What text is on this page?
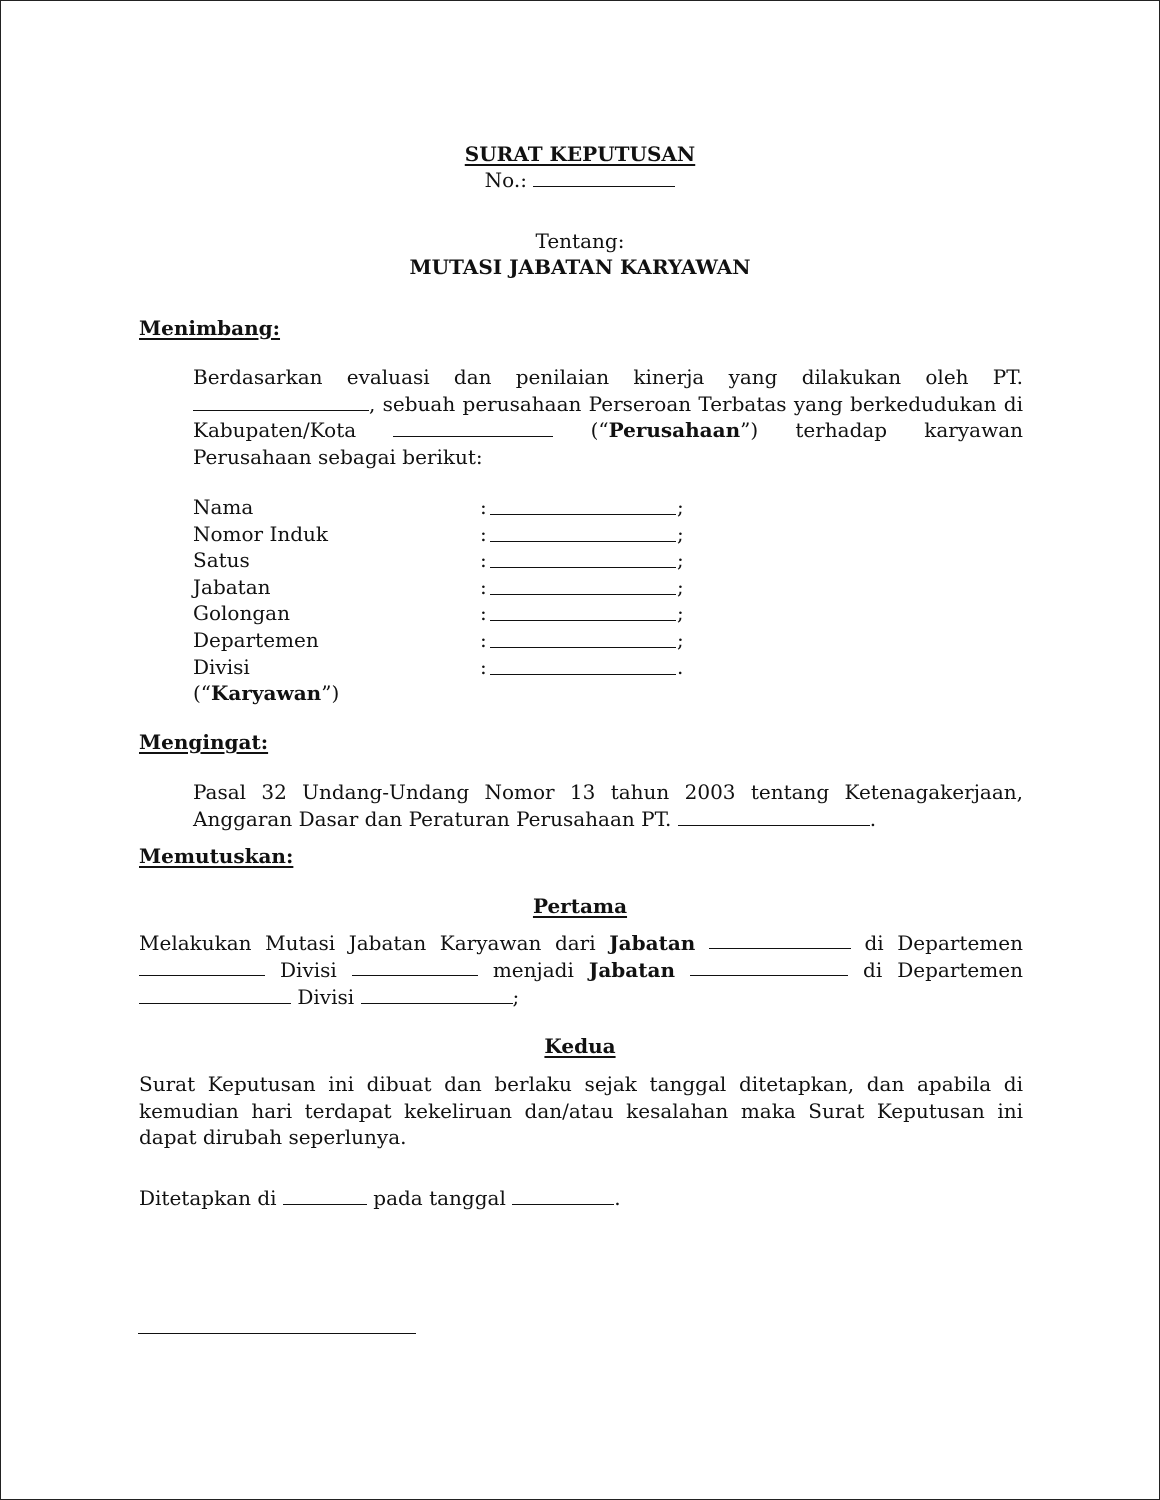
SURAT KEPUTUSAN
No.:
Tentang:
MUTASI JABATAN KARYAWAN
Menimbang:
Berdasarkan evaluasi dan penilaian kinerja yang dilakukan oleh PT. , sebuah perusahaan Perseroan Terbatas yang berkedudukan di Kabupaten/Kota	(“Perusahaan”) terhadap karyawan Perusahaan sebagai berikut:
Nama	:	;
Nomor Induk	:	;
Satus	:	;
Jabatan	:	;
Golongan	:	;
Departemen	:	;
Divisi	:	.
(“Karyawan”)
Mengingat:
Pasal 32 Undang-Undang Nomor 13 tahun 2003 tentang Ketenagakerjaan, Anggaran Dasar dan Peraturan Perusahaan PT.	.
Memutuskan:
Pertama
Melakukan Mutasi Jabatan Karyawan dari Jabatan	di Departemen
Divisi	menjadi Jabatan	di Departemen
Divisi	;
Kedua
Surat Keputusan ini dibuat dan berlaku sejak tanggal ditetapkan, dan apabila di kemudian hari terdapat kekeliruan dan/atau kesalahan maka Surat Keputusan ini dapat dirubah seperlunya.
Ditetapkan di	pada tanggal	.
